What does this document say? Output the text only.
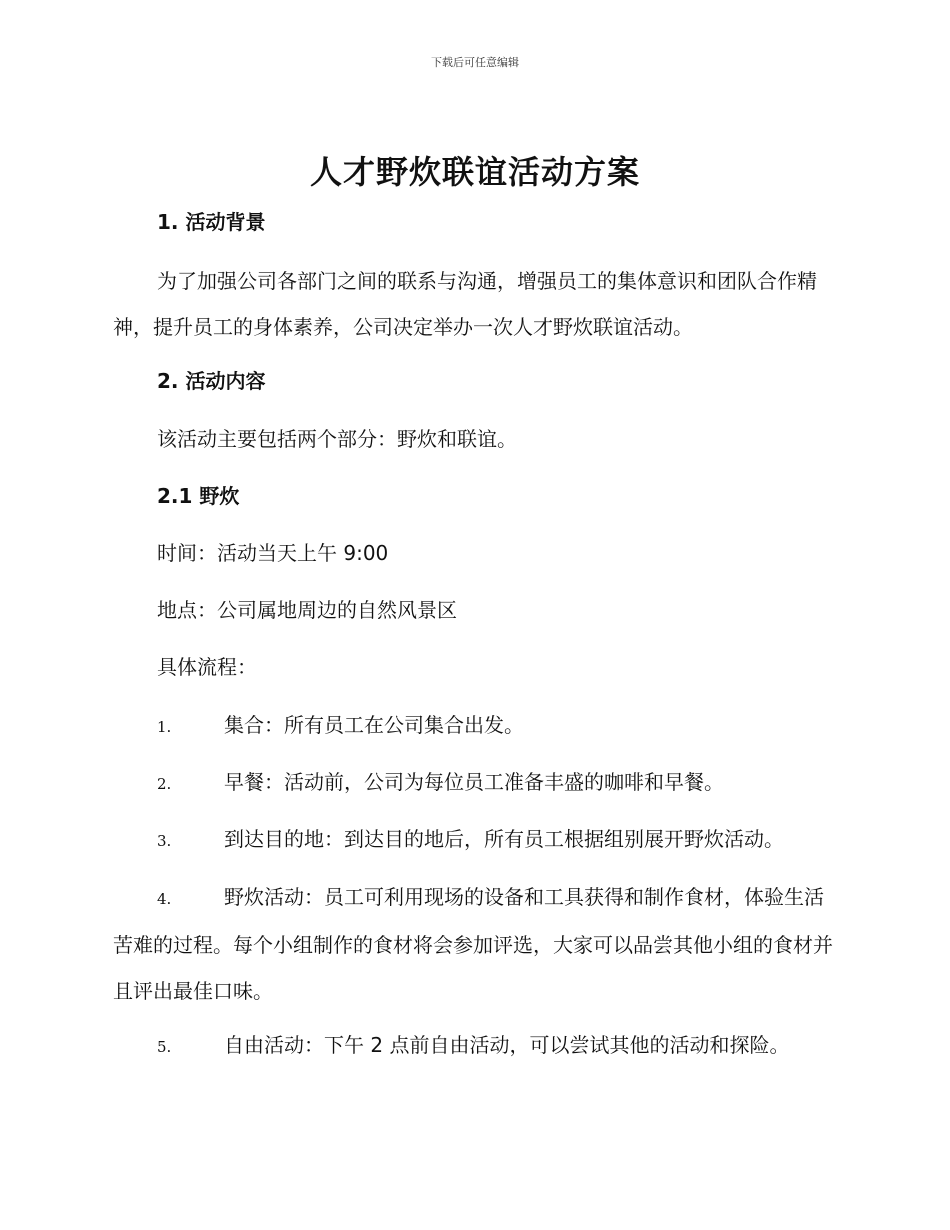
下载后可任意编辑
人才野炊联谊活动方案
1. 活动背景
为了加强公司各部门之间的联系与沟通，增强员工的集体意识和团队合作精神，提升员工的身体素养，公司决定举办一次人才野炊联谊活动。
2. 活动内容
该活动主要包括两个部分：野炊和联谊。
2.1 野炊
时间：活动当天上午 9:00
地点：公司属地周边的自然风景区
具体流程：
1.	集合：所有员工在公司集合出发。
2.	早餐：活动前，公司为每位员工准备丰盛的咖啡和早餐。
3.	到达目的地：到达目的地后，所有员工根据组别展开野炊活动。
4.	野炊活动：员工可利用现场的设备和工具获得和制作食材，体验生活苦难的过程。每个小组制作的食材将会参加评选，大家可以品尝其他小组的食材并且评出最佳口味。
5.	自由活动：下午 2 点前自由活动，可以尝试其他的活动和探险。
